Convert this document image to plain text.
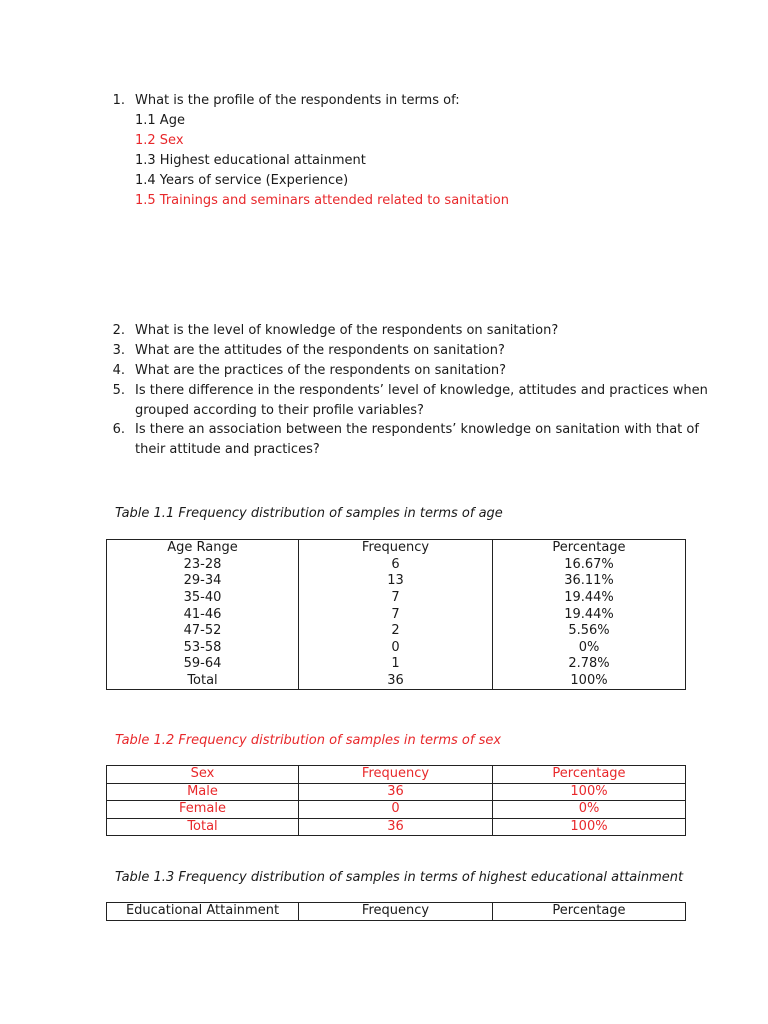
1. What is the profile of the respondents in terms of:
1.1 Age
1.2 Sex
1.3 Highest educational attainment
1.4 Years of service (Experience)
1.5 Trainings and seminars attended related to sanitation
2. What is the level of knowledge of the respondents on sanitation?
3. What are the attitudes of the respondents on sanitation?
4. What are the practices of the respondents on sanitation?
5. Is there difference in the respondents’ level of knowledge, attitudes and practices when
grouped according to their profile variables?
6. Is there an association between the respondents’ knowledge on sanitation with that of
their attitude and practices?
Table 1.1 Frequency distribution of samples in terms of age
Age Range	Frequency	Percentage
23-28	6	16.67%
29-34	13	36.11%
35-40	7	19.44%
41-46	7	19.44%
47-52	2	5.56%
53-58	0	0%
59-64	1	2.78%
Total	36	100%
Table 1.2 Frequency distribution of samples in terms of sex
Sex	Frequency	Percentage
Male	36	100%
Female	0	0%
Total	36	100%
Table 1.3 Frequency distribution of samples in terms of highest educational attainment
Educational Attainment	Frequency	Percentage
